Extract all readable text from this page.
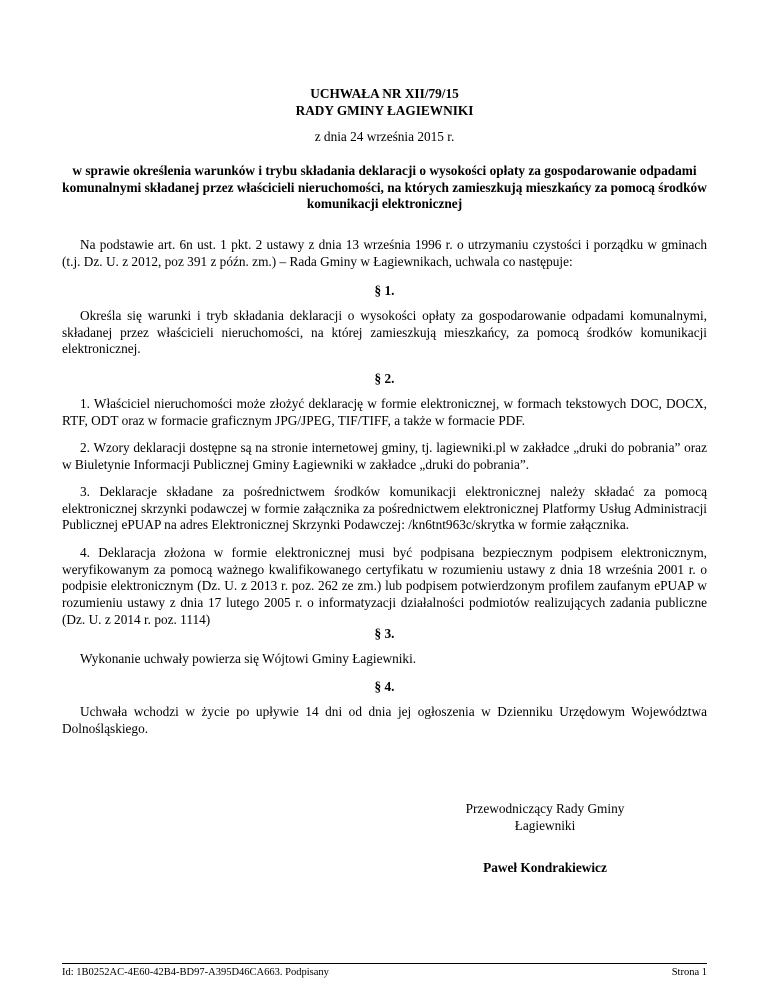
UCHWAŁA NR XII/79/15

RADY GMINY ŁAGIEWNIKI

z dnia 24 września 2015 r.

w sprawie określenia warunków i trybu składania deklaracji o wysokości opłaty za gospodarowanie odpadami komunalnymi składanej przez właścicieli nieruchomości, na których zamieszkują mieszkańcy za pomocą środków komunikacji elektronicznej

Na podstawie art. 6n ust. 1 pkt. 2 ustawy z dnia 13 września 1996 r. o utrzymaniu czystości i porządku w gminach (t.j. Dz. U. z 2012, poz 391 z późn. zm.) – Rada Gminy w Łagiewnikach, uchwala co następuje:

§ 1.

Określa się warunki i tryb składania deklaracji o wysokości opłaty za gospodarowanie odpadami komunalnymi, składanej przez właścicieli nieruchomości, na której zamieszkują mieszkańcy, za pomocą środków komunikacji elektronicznej.

§ 2.

1. Właściciel nieruchomości może złożyć deklarację w formie elektronicznej, w formach tekstowych DOC, DOCX, RTF, ODT oraz w formacie graficznym JPG/JPEG, TIF/TIFF, a także w formacie PDF.

2. Wzory deklaracji dostępne są na stronie internetowej gminy, tj. lagiewniki.pl w zakładce „druki do pobrania” oraz w Biuletynie Informacji Publicznej Gminy Łagiewniki w zakładce „druki do pobrania”.

3. Deklaracje składane za pośrednictwem środków komunikacji elektronicznej należy składać za pomocą elektronicznej skrzynki podawczej w formie załącznika za pośrednictwem elektronicznej Platformy Usług Administracji Publicznej ePUAP na adres Elektronicznej Skrzynki Podawczej: /kn6tnt963c/skrytka w formie załącznika.

4. Deklaracja złożona w formie elektronicznej musi być podpisana bezpiecznym podpisem elektronicznym, weryfikowanym za pomocą ważnego kwalifikowanego certyfikatu w rozumieniu ustawy z dnia 18 września 2001 r. o podpisie elektronicznym (Dz. U. z 2013 r. poz. 262 ze zm.) lub podpisem potwierdzonym profilem zaufanym ePUAP w rozumieniu ustawy z dnia 17 lutego 2005 r. o informatyzacji działalności podmiotów realizujących zadania publiczne (Dz. U. z 2014 r. poz. 1114)

§ 3.

Wykonanie uchwały powierza się Wójtowi Gminy Łagiewniki.

§ 4.

Uchwała wchodzi w życie po upływie 14 dni od dnia jej ogłoszenia w Dzienniku Urzędowym Województwa Dolnośląskiego.

Przewodniczący Rady Gminy

Łagiewniki

Paweł Kondrakiewicz
Id: 1B0252AC-4E60-42B4-BD97-A395D46CA663. Podpisany	Strona 1
